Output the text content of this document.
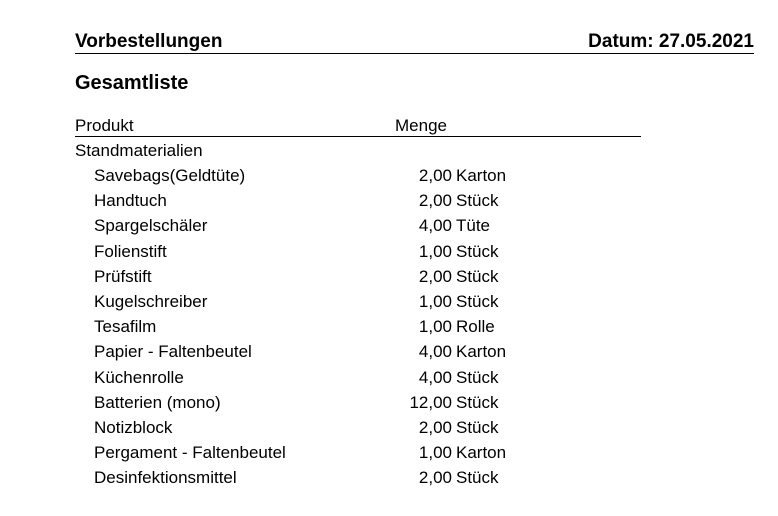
Vorbestellungen	Datum: 27.05.2021
Gesamtliste
Produkt	Menge
Standmaterialien
Savebags(Geldtüte)	2,00 Karton
Handtuch	2,00 Stück
Spargelschäler	4,00 Tüte
Folienstift	1,00 Stück
Prüfstift	2,00 Stück
Kugelschreiber	1,00 Stück
Tesafilm	1,00 Rolle
Papier - Faltenbeutel	4,00 Karton
Küchenrolle	4,00 Stück
Batterien (mono)	12,00 Stück
Notizblock	2,00 Stück
Pergament - Faltenbeutel	1,00 Karton
Desinfektionsmittel	2,00 Stück
